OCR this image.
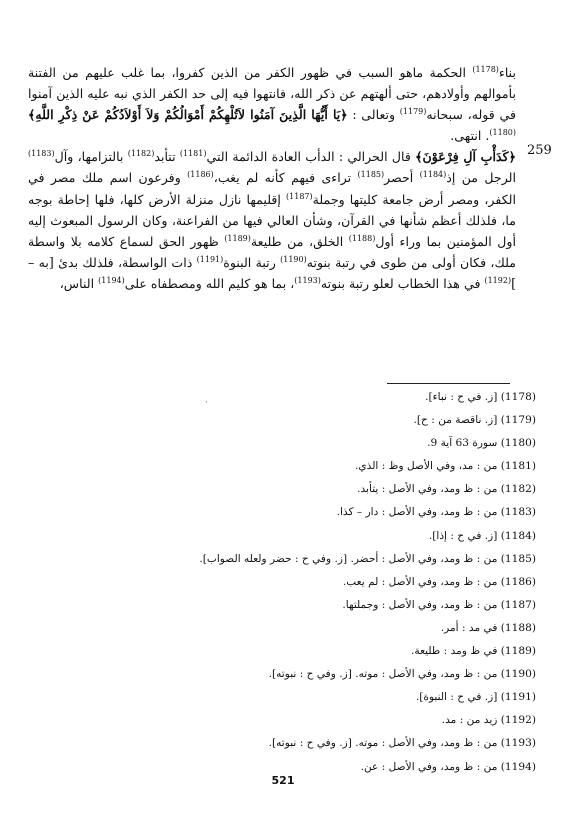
بناء$^{(1178)}$ الحكمة ماهو السبب في ظهور الكفر من الذين كفروا، بما غلب عليهم من الفتنة بأموالهم وأولادهم، حتى ألهتهم عن ذكر الله، فانتهوا فيه إلى حد الكفر الذي نبه عليه الذين آمنوا في قوله، سبحانه$^{(1179)}$ وتعالى : ﴿يَا أَيُّهَا الَّذِينَ آمَنُوا لاَتُلْهِكُمْ أَمْوَالُكُمْ وَلاَ أَوْلاَدُكُمْ عَنْ ذِكْرِ اللَّهِ﴾$^{(1180)}$. انتهى.

﴿كَدَأْبِ آلِ فِرْعَوْنَ﴾ قال الحرالي : الدأب العادة الدائمة التي$^{(1181)}$ تتأبد$^{(1182)}$ بالتزامها، وآل$^{(1183)}$ الرجل من إذ$^{(1184)}$ أحصر$^{(1185)}$ تراءى فيهم كأنه لم يغب،$^{(1186)}$ وفرعون اسم ملك مصر في الكفر، ومصر أرض جامعة كليتها وجملة$^{(1187)}$ إقليمها نازل منزلة الأرض كلها، فلها إحاطة بوجه ما، فلذلك أعظم شأنها في القرآن، وشأن العالي فيها من الفراعنة، وكان الرسول المبعوث إليه أول المؤمنين بما وراء أول$^{(1188)}$ الخلق، من طليعة$^{(1189)}$ ظهور الحق لسماع كلامه بلا واسطة ملك، فكان أولى من طوى في رتبة بنوته$^{(1190)}$ رتبة البنوة$^{(1191)}$ ذات الواسطة، فلذلك بدئ [به – ]$^{(1192)}$ في هذا الخطاب لعلو رتبة بنوته$^{(1193)}$، بما هو كليم الله ومصطفاه على$^{(1194)}$ الناس،

259
·	(1178) [ز. في ح : نباء].
(1179) [ز. ناقصة من : ح].
(1180) سورة 63 آية 9.
(1181) من : مد، وفي الأصل وظ : الذي.
(1182) من : ظ ومد، وفي الأصل : يتأبد.
(1183) من : ظ ومد، وفي الأصل : دار – كذا.
(1184) [ز. في ح : إذا].
(1185) من : ظ ومد، وفي الأصل : أحضر. [ز. وفي ح : حضر ولعله الصواب].
(1186) من : ظ ومد، وفي الأصل : لم يعب.
(1187) من : ظ ومد، وفي الأصل : وجملتها.
(1188) في مد : أمر.
(1189) في ظ ومد : طليعة.
(1190) من : ظ ومد، وفي الأصل : موته. [ز. وفي ح : نبوته].
(1191) [ز. في ح : النبوة].
(1192) زيد من : مد.
(1193) من : ظ ومد، وفي الأصل : موته. [ز. وفي ح : نبوته].
(1194) من : ظ ومد، وفي الأصل : عن.
521
